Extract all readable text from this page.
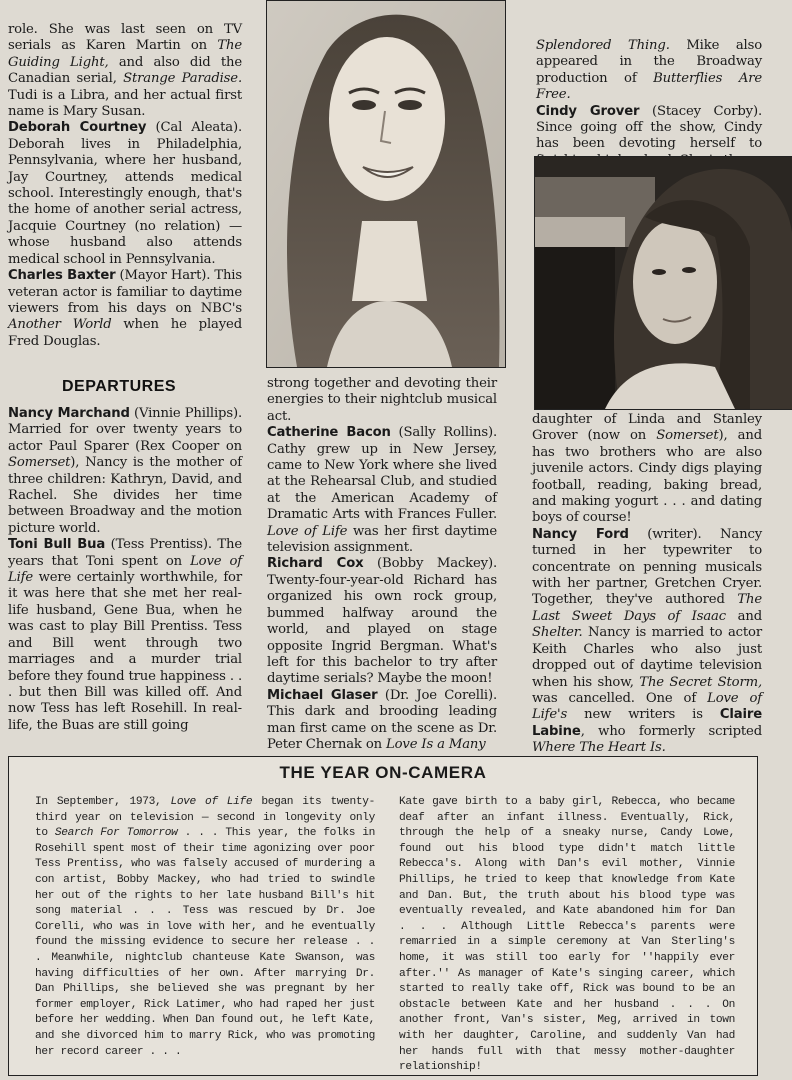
role. She was last seen on TV serials as Karen Martin on The Guiding Light, and also did the Canadian serial, Strange Paradise. Tudi is a Libra, and her actual first name is Mary Susan.

Deborah Courtney (Cal Aleata). Deborah lives in Philadelphia, Pennsylvania, where her husband, Jay Courtney, attends medical school. Interestingly enough, that's the home of another serial actress, Jacquie Courtney (no relation) — whose husband also attends medical school in Pennsylvania.

Charles Baxter (Mayor Hart). This veteran actor is familiar to daytime viewers from his days on NBC's Another World when he played Fred Douglas.

DEPARTURES

Nancy Marchand (Vinnie Phillips). Married for over twenty years to actor Paul Sparer (Rex Cooper on Somerset), Nancy is the mother of three children: Kathryn, David, and Rachel. She divides her time between Broadway and the motion picture world.

Toni Bull Bua (Tess Prentiss). The years that Toni spent on Love of Life were certainly worthwhile, for it was here that she met her real-life husband, Gene Bua, when he was cast to play Bill Prentiss. Tess and Bill went through two marriages and a murder trial before they found true happiness . . . but then Bill was killed off. And now Tess has left Rosehill. In real-life, the Buas are still going

strong together and devoting their energies to their nightclub musical act.

Catherine Bacon (Sally Rollins). Cathy grew up in New Jersey, came to New York where she lived at the Rehearsal Club, and studied at the American Academy of Dramatic Arts with Frances Fuller. Love of Life was her first daytime television assignment.

Richard Cox (Bobby Mackey). Twenty-four-year-old Richard has organized his own rock group, bummed halfway around the world, and played on stage opposite Ingrid Bergman. What's left for this bachelor to try after daytime serials? Maybe the moon!

Michael Glaser (Dr. Joe Corelli). This dark and brooding leading man first came on the scene as Dr. Peter Chernak on Love Is a Many

Splendored Thing. Mike also appeared in the Broadway production of Butterflies Are Free.

Cindy Grover (Stacey Corby). Since going off the show, Cindy has been devoting herself to

daughter of Linda and Stanley Grover (now on Somerset), and has two brothers who are also juvenile actors. Cindy digs playing football, reading, baking bread, and making yogurt . . . and dating boys of course!

Nancy Ford (writer). Nancy turned in her typewriter to concentrate on penning musicals with her partner, Gretchen Cryer. Together, they've authored The Last Sweet Days of Isaac and Shelter. Nancy is married to actor Keith Charles who also just dropped out of daytime television when his show, The Secret Storm, was cancelled. One of Love of Life's new writers is Claire Labine, who formerly scripted Where The Heart Is.

THE YEAR ON-CAMERA

In September, 1973, Love of Life began its twenty-third year on television — second in longevity only to Search For Tomorrow . . . This year, the folks in Rosehill spent most of their time agonizing over poor Tess Prentiss, who was falsely accused of murdering a con artist, Bobby Mackey, who had tried to swindle her out of the rights to her late husband Bill's hit song material . . . Tess was rescued by Dr. Joe Corelli, who was in love with her, and he eventually found the missing evidence to secure her release . . . Meanwhile, nightclub chanteuse Kate Swanson, was having difficulties of her own. After marrying Dr. Dan Phillips, she believed she was pregnant by her former employer, Rick Latimer, who had raped her just before her wedding. When Dan found out, he left Kate, and she divorced him to marry Rick, who was promoting her record career . . .

Kate gave birth to a baby girl, Rebecca, who became deaf after an infant illness. Eventually, Rick, through the help of a sneaky nurse, Candy Lowe, found out his blood type didn't match little Rebecca's. Along with Dan's evil mother, Vinnie Phillips, he tried to keep that knowledge from Kate and Dan. But, the truth about his blood type was eventually revealed, and Kate abandoned him for Dan . . . Although Little Rebecca's parents were remarried in a simple ceremony at Van Sterling's home, it was still too early for ''happily ever after.'' As manager of Kate's singing career, which started to really take off, Rick was bound to be an obstacle between Kate and her husband . . . On another front, Van's sister, Meg, arrived in town with her daughter, Caroline, and suddenly Van had her hands full with that messy mother-daughter relationship!
